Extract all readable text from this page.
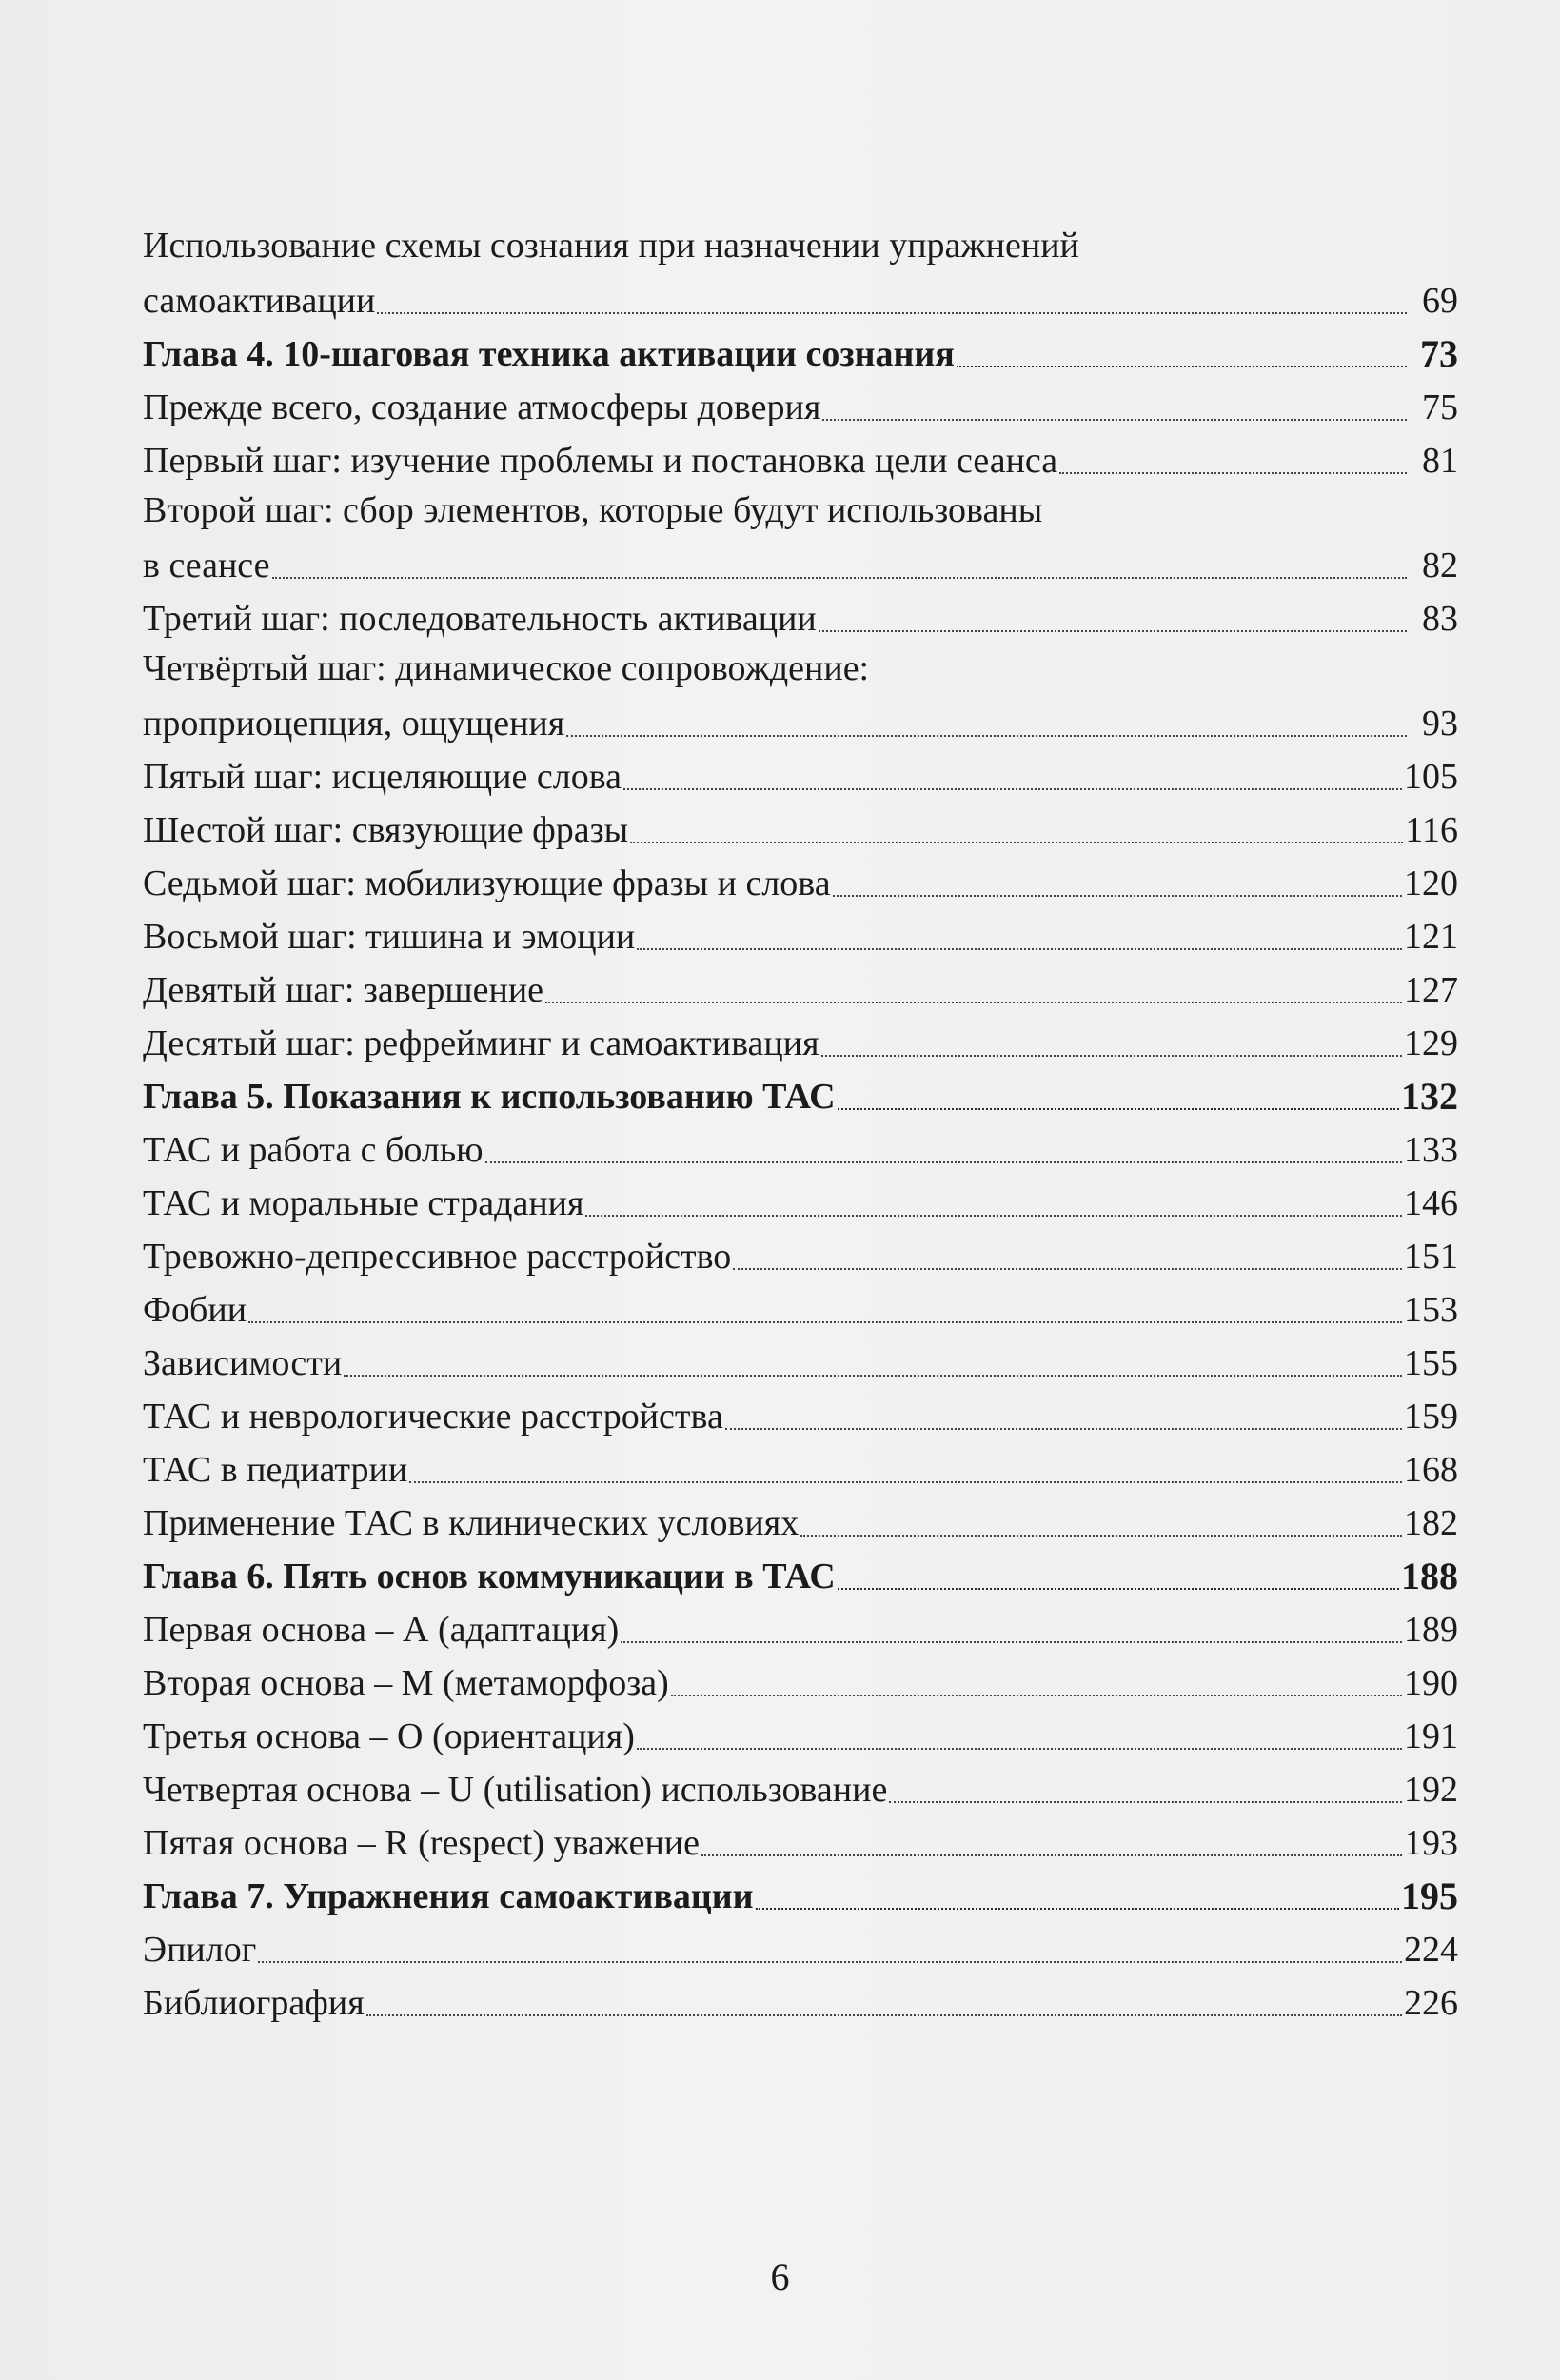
Использование схемы сознания при назначении упражнений
самоактивации	69
Глава 4. 10-шаговая техника активации сознания	73
Прежде всего, создание атмосферы доверия	75
Первый шаг: изучение проблемы и постановка цели сеанса	81
Второй шаг: сбор элементов, которые будут использованы
в сеансе	82
Третий шаг: последовательность активации	83
Четвёртый шаг: динамическое сопровождение:
проприоцепция, ощущения	93
Пятый шаг: исцеляющие слова	105
Шестой шаг: связующие фразы	116
Седьмой шаг: мобилизующие фразы и слова	120
Восьмой шаг: тишина и эмоции	121
Девятый шаг: завершение	127
Десятый шаг: рефрейминг и самоактивация	129
Глава 5. Показания к использованию ТАС	132
ТАС и работа с болью	133
ТАС и моральные страдания	146
Тревожно-депрессивное расстройство	151
Фобии	153
Зависимости	155
ТАС и неврологические расстройства	159
ТАС в педиатрии	168
Применение ТАС в клинических условиях	182
Глава 6. Пять основ коммуникации в ТАС	188
Первая основа – А (адаптация)	189
Вторая основа – М (метаморфоза)	190
Третья основа – О (ориентация)	191
Четвертая основа – U (utilisation) использование	192
Пятая основа – R (respect) уважение	193
Глава 7. Упражнения самоактивации	195
Эпилог	224
Библиография	226
6
